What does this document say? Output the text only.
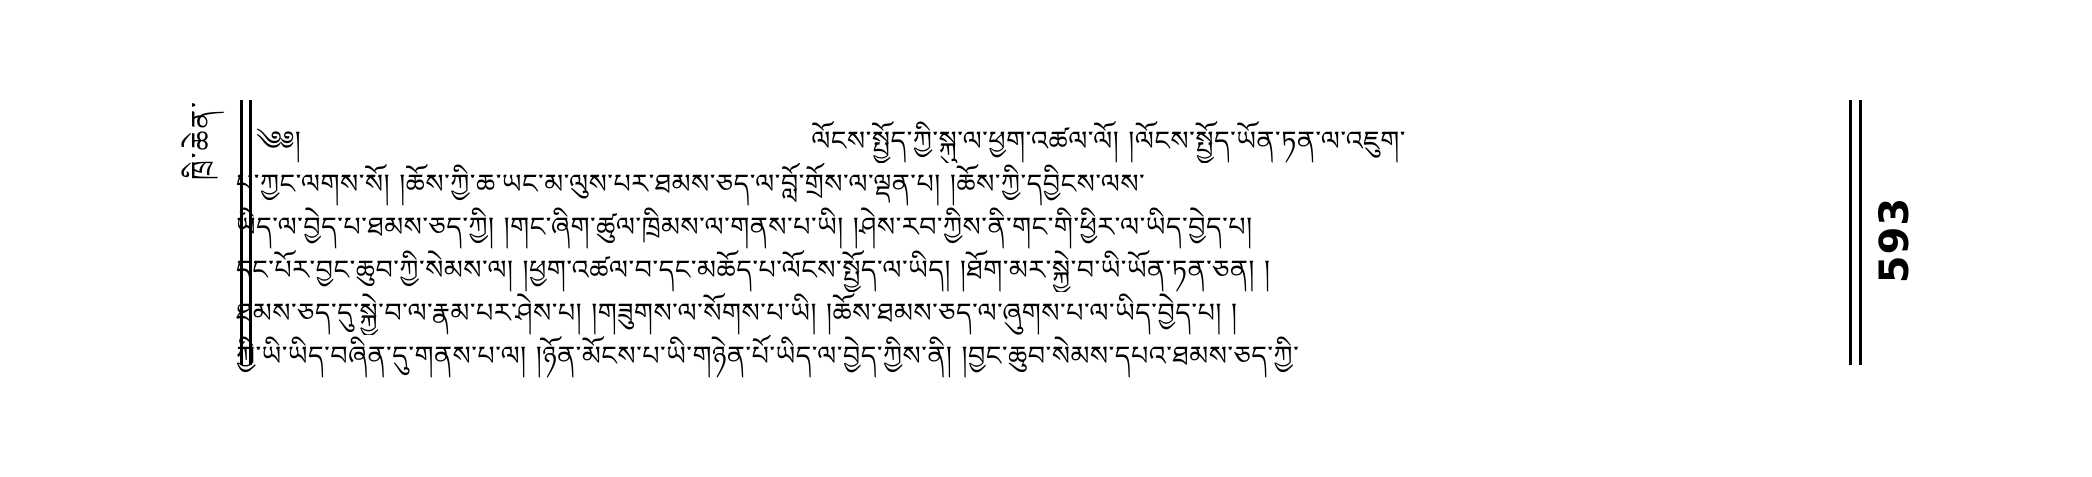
ཁྲི་ཆེན་
593
༄༅།	ལོངས་སྤྱོད་ཀྱི་སྐུ་ལ་ཕྱག་འཚལ་ལོ། །ལོངས་སྤྱོད་ཡོན་ཏན་ལ་འཇུག་
པ་ཀྱང་ལགས་སོ། །ཆོས་ཀྱི་ཆ་ཡང་མ་ལུས་པར་ཐམས་ཅད་ལ་བློ་གྲོས་ལ་ལྡན་པ། །ཆོས་ཀྱི་དབྱིངས་ལས་
ཡིད་ལ་བྱེད་པ་ཐམས་ཅད་ཀྱི། །གང་ཞིག་ཚུལ་ཁྲིམས་ལ་གནས་པ་ཡི། །ཤེས་རབ་ཀྱིས་ནི་གང་གི་ཕྱིར་ལ་ཡིད་བྱེད་པ།
དང་པོར་བྱང་ཆུབ་ཀྱི་སེམས་ལ། །ཕྱག་འཚལ་བ་དང་མཆོད་པ་ལོངས་སྤྱོད་ལ་ཡིད། །ཐོག་མར་སྐྱེ་བ་ཡི་ཡོན་ཏན་ཅན། །
ཐམས་ཅད་དུ་སྐྱེ་བ་ལ་རྣམ་པར་ཤེས་པ། །གཟུགས་ལ་སོགས་པ་ཡི། །ཆོས་ཐམས་ཅད་ལ་ཞུགས་པ་ལ་ཡིད་བྱེད་པ། །
ཀྱི་ཡི་ཡིད་བཞིན་དུ་གནས་པ་ལ། །ཉོན་མོངས་པ་ཡི་གཉེན་པོ་ཡིད་ལ་བྱེད་ཀྱིས་ནི། །བྱང་ཆུབ་སེམས་དཔའ་ཐམས་ཅད་ཀྱི་
